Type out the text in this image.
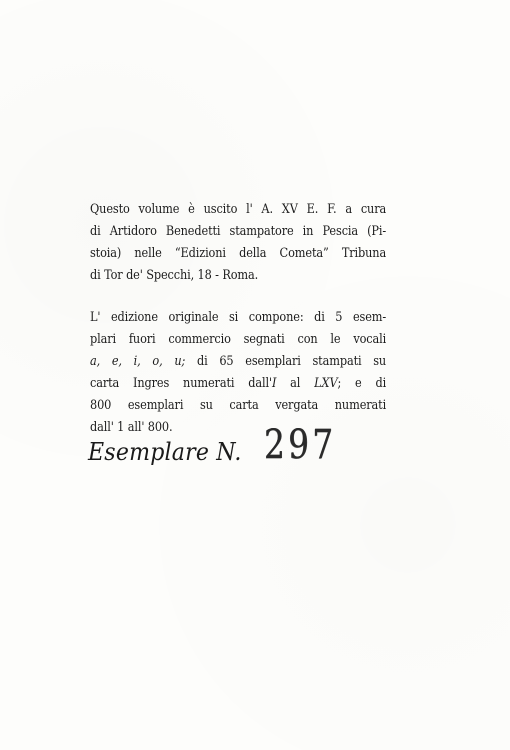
Questo volume è uscito l' A. XV E. F. a cura
di Artidoro Benedetti stampatore in Pescia (Pi-
stoia) nelle “Edizioni della Cometa” Tribuna
di Tor de' Specchi, 18 - Roma.

L' edizione originale si compone: di 5 esem-
plari fuori commercio segnati con le vocali
a, e, i, o, u; di 65 esemplari stampati su
carta Ingres numerati dall'I al LXV; e di
800 esemplari su carta vergata numerati
dall' 1 all' 800.

Esemplare N. 297
